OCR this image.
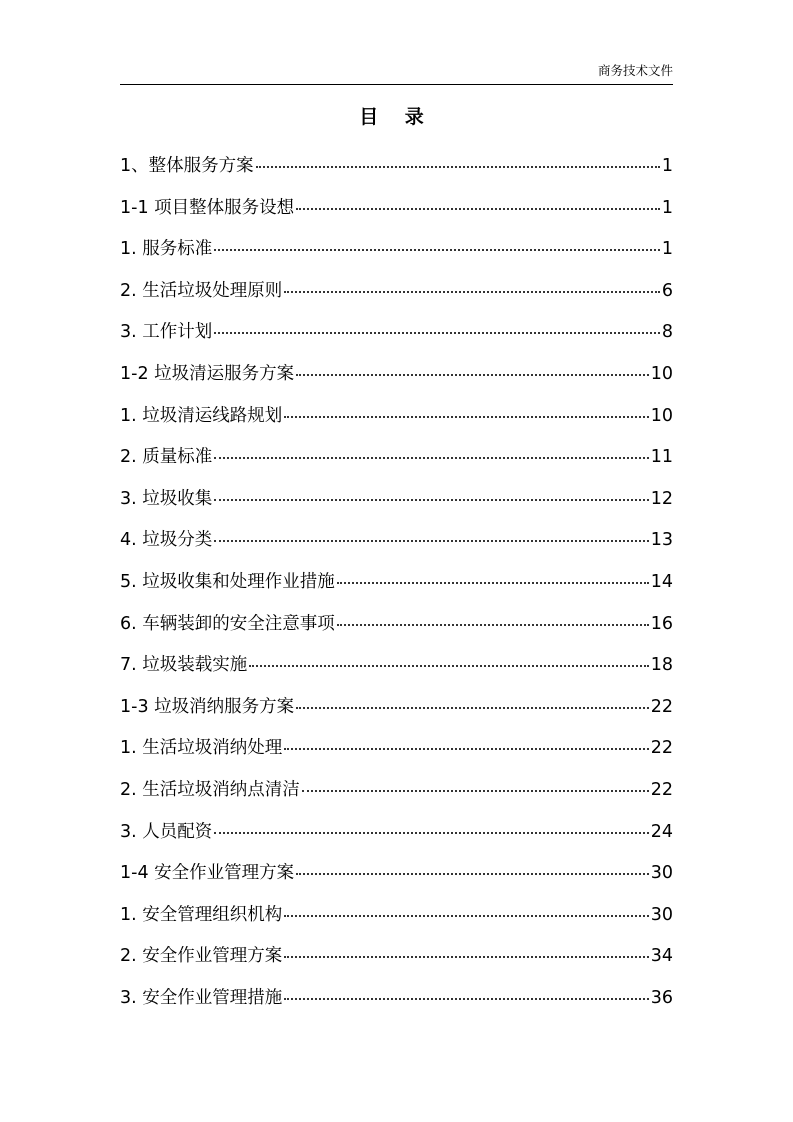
商务技术文件
目 录
1、整体服务方案	1
1-1 项目整体服务设想	1
1. 服务标准	1
2. 生活垃圾处理原则	6
3. 工作计划	8
1-2 垃圾清运服务方案	10
1. 垃圾清运线路规划	10
2. 质量标准	11
3. 垃圾收集	12
4. 垃圾分类	13
5. 垃圾收集和处理作业措施	14
6. 车辆装卸的安全注意事项	16
7. 垃圾装载实施	18
1-3 垃圾消纳服务方案	22
1. 生活垃圾消纳处理	22
2. 生活垃圾消纳点清洁	22
3. 人员配资	24
1-4 安全作业管理方案	30
1. 安全管理组织机构	30
2. 安全作业管理方案	34
3. 安全作业管理措施	36
